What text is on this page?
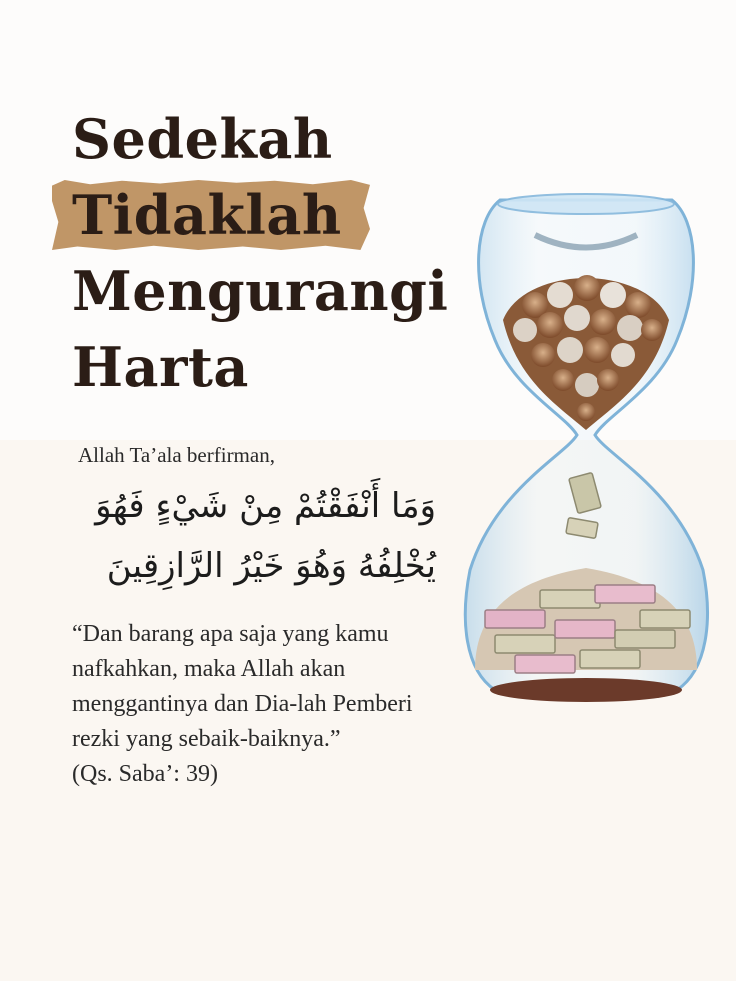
Sedekah
Tidaklah
Mengurangi
Harta
Allah Ta’ala berfirman,
وَمَا أَنْفَقْتُمْ مِنْ شَيْءٍ فَهُوَ
يُخْلِفُهُ وَهُوَ خَيْرُ الرَّازِقِينَ
“Dan barang apa saja yang kamu
nafkahkan, maka Allah akan
menggantinya dan Dia-lah Pemberi
rezki yang sebaik-baiknya.”
(Qs. Saba’: 39)
